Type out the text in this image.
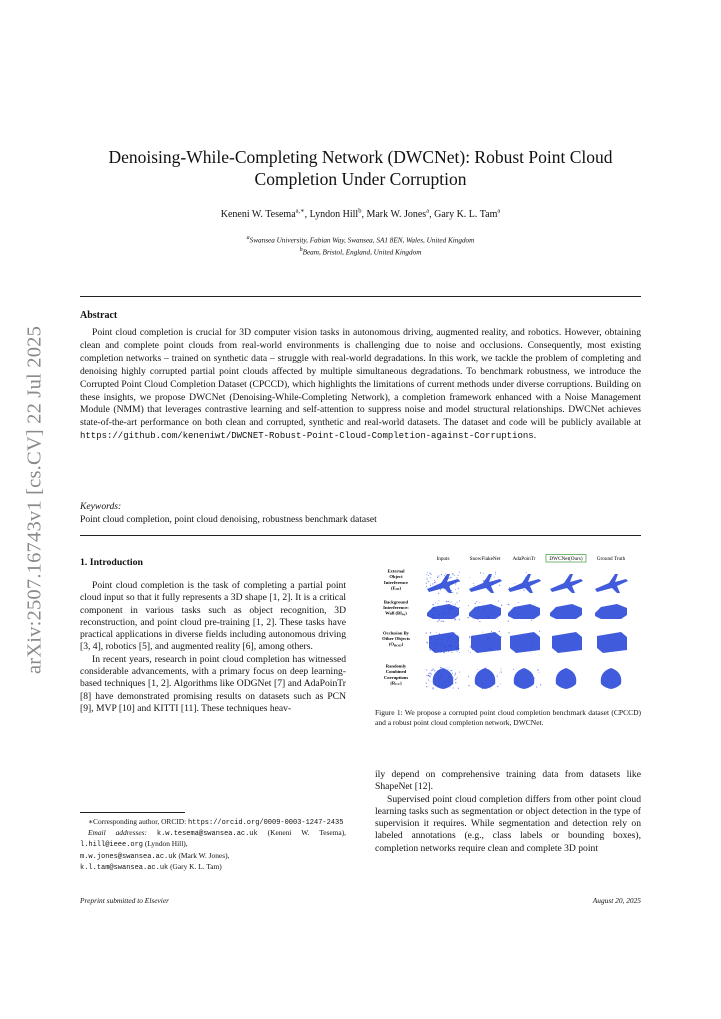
arXiv:2507.16743v1 [cs.CV] 22 Jul 2025
Denoising-While-Completing Network (DWCNet): Robust Point Cloud
Completion Under Corruption
Keneni W. Tesema$^{a,∗}$, Lyndon Hill$^b$, Mark W. Jones$^a$, Gary K. L. Tam$^a$
$^a$Swansea University, Fabian Way, Swansea, SA1 8EN, Wales, United Kingdom
$^b$Beam, Bristol, England, United Kingdom
Abstract
Point cloud completion is crucial for 3D computer vision tasks in autonomous driving, augmented reality, and robotics. However, obtaining clean and complete point clouds from real-world environments is challenging due to noise and occlusions. Consequently, most existing completion networks – trained on synthetic data – struggle with real-world degradations. In this work, we tackle the problem of completing and denoising highly corrupted partial point clouds affected by multiple simultaneous degradations. To benchmark robustness, we introduce the Corrupted Point Cloud Completion Dataset (CPCCD), which highlights the limitations of current methods under diverse corruptions. Building on these insights, we propose DWCNet (Denoising-While-Completing Network), a completion framework enhanced with a Noise Management Module (NMM) that leverages contrastive learning and self-attention to suppress noise and model structural relationships. DWCNet achieves state-of-the-art performance on both clean and corrupted, synthetic and real-world datasets. The dataset and code will be publicly available at https://github.com/keneniwt/DWCNET-Robust-Point-Cloud-Completion-against-Corruptions.
Keywords:
Point cloud completion, point cloud denoising, robustness benchmark dataset
1. Introduction

Point cloud completion is the task of completing a partial point cloud input so that it fully represents a 3D shape [1, 2]. It is a critical component in various tasks such as object recognition, 3D reconstruction, and point cloud pre-training [1, 2]. These tasks have practical applications in diverse fields including autonomous driving [3, 4], robotics [5], and augmented reality [6], among others.

In recent years, research in point cloud completion has witnessed considerable advancements, with a primary focus on deep learning-based techniques [1, 2]. Algorithms like ODGNet [7] and AdaPoinTr [8] have demonstrated promising results on datasets such as PCN [9], MVP [10] and KITTI [11]. These techniques heav-

∗Corresponding author, ORCID: https://orcid.org/0009-0003-1247-2435
Email addresses: k.w.tesema@swansea.ac.uk (Keneni W. Tesema), l.hill@ieee.org (Lyndon Hill),
m.w.jones@swansea.ac.uk (Mark W. Jones),
k.l.tam@swansea.ac.uk (Gary K. L. Tam)
Inputs	SnowFlakeNet AdaPoinTr	DWCNet(Ours)	Ground Truth
External Object Interference (EOI)
Background Interference: Wall (BIW)
Occlusion By Other Objects (OBOO)
Randomly Combined Corruptions (RCC)
Figure 1: We propose a corrupted point cloud completion benchmark dataset (CPCCD) and a robust point cloud completion network, DWCNet.

ily depend on comprehensive training data from datasets like ShapeNet [12].

Supervised point cloud completion differs from other point cloud learning tasks such as segmentation or object detection in the type of supervision it requires. While segmentation and detection rely on labeled annotations (e.g., class labels or bounding boxes), completion networks require clean and complete 3D point

Preprint submitted to Elsevier	August 20, 2025
